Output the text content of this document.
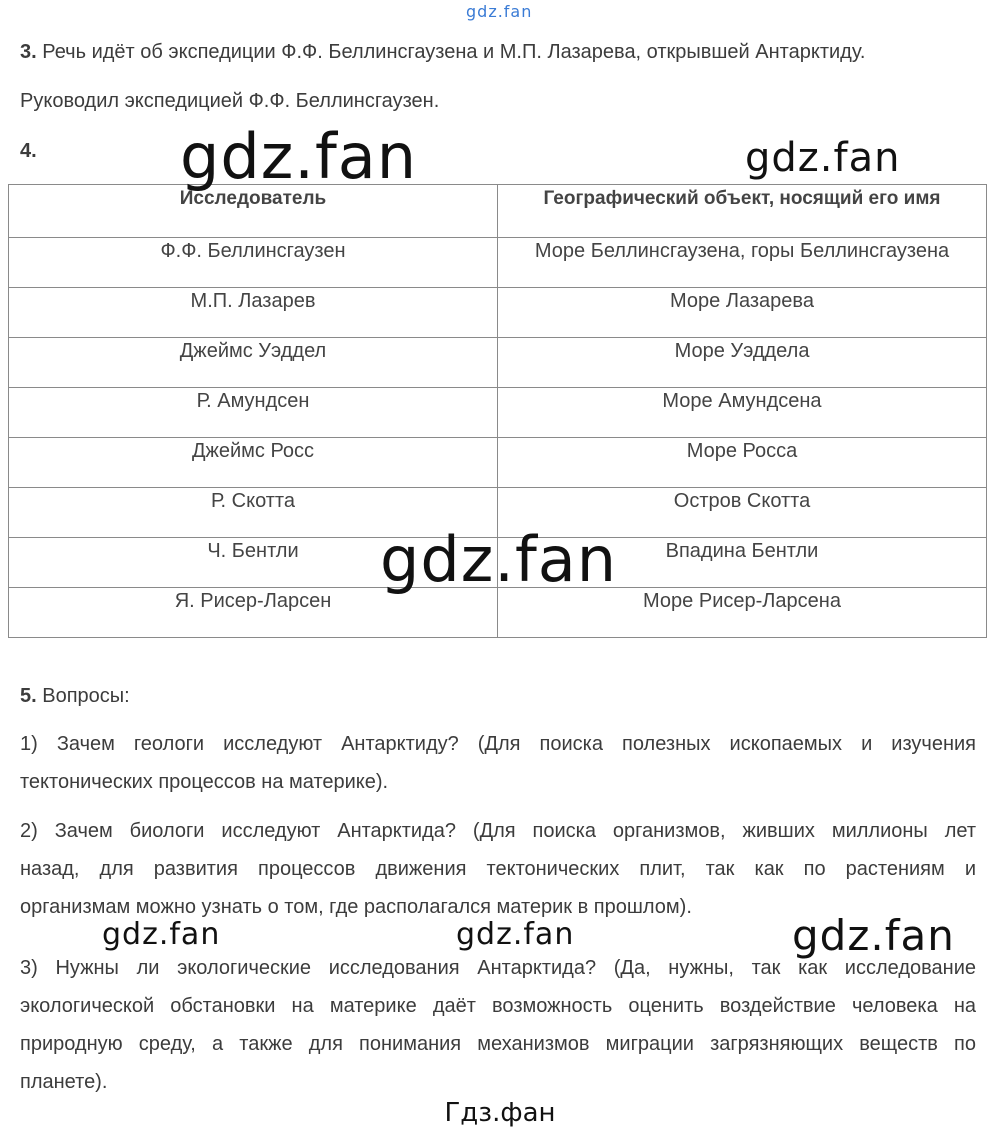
gdz.fan
3. Речь идёт об экспедиции Ф.Ф. Беллинсгаузена и М.П. Лазарева, открывшей Антарктиду.
Руководил экспедицией Ф.Ф. Беллинсгаузен.
4.
Исследователь	Географический объект, носящий его имя
Ф.Ф. Беллинсгаузен	Море Беллинсгаузена, горы Беллинсгаузена
М.П. Лазарев	Море Лазарева
Джеймс Уэддел	Море Уэддела
Р. Амундсен	Море Амундсена
Джеймс Росс	Море Росса
Р. Скотта	Остров Скотта
Ч. Бентли	Впадина Бентли
Я. Рисер-Ларсен	Море Рисер-Ларсена
5. Вопросы:
1) Зачем геологи исследуют Антарктиду? (Для поиска полезных ископаемых и изучения
тектонических процессов на материке).
2) Зачем биологи исследуют Антарктида? (Для поиска организмов, живших миллионы лет
назад, для развития процессов движения тектонических плит, так как по растениям и
организмам можно узнать о том, где располагался материк в прошлом).
3) Нужны ли экологические исследования Антарктида? (Да, нужны, так как исследование
экологической обстановки на материке даёт возможность оценить воздействие человека на
природную среду, а также для понимания механизмов миграции загрязняющих веществ по
планете).
gdz.fan	gdz.fan
gdz.fan
gdz.fan	gdz.fan	gdz.fan
Гдз.фан
